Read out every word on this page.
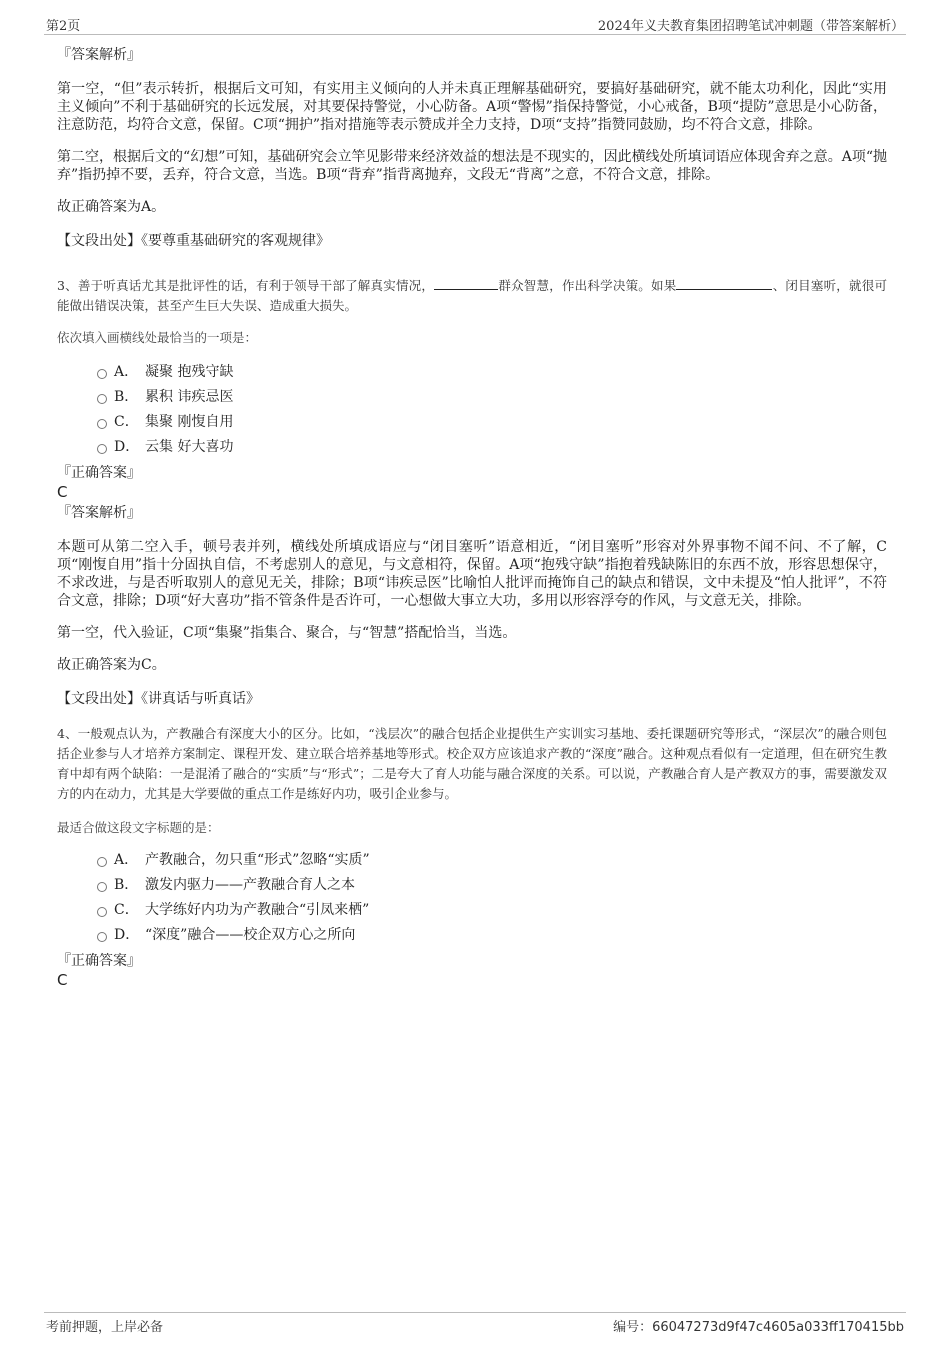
第2页	2024年义夫教育集团招聘笔试冲刺题（带答案解析）

『答案解析』

第一空，“但”表示转折，根据后文可知，有实用主义倾向的人并未真正理解基础研究，要搞好基础研究，就不能太功利化，因此“实用主义倾向”不利于基础研究的长远发展，对其要保持警觉，小心防备。A项“警惕”指保持警觉，小心戒备，B项“提防”意思是小心防备，注意防范，均符合文意，保留。C项“拥护”指对措施等表示赞成并全力支持，D项“支持”指赞同鼓励，均不符合文意，排除。

第二空，根据后文的“幻想”可知，基础研究会立竿见影带来经济效益的想法是不现实的，因此横线处所填词语应体现舍弃之意。A项“抛弃”指扔掉不要，丢弃，符合文意，当选。B项“背弃”指背离抛弃，文段无“背离”之意，不符合文意，排除。

故正确答案为A。

【文段出处】《要尊重基础研究的客观规律》

3、善于听真话尤其是批评性的话，有利于领导干部了解真实情况，	群众智慧，作出科学决策。如果	、闭目塞听，就很可能做出错误决策，甚至产生巨大失误、造成重大损失。

依次填入画横线处最恰当的一项是：

A． 凝聚 抱残守缺
B． 累积 讳疾忌医
C． 集聚 刚愎自用
D． 云集 好大喜功

『正确答案』

C

『答案解析』

本题可从第二空入手，顿号表并列，横线处所填成语应与“闭目塞听”语意相近，“闭目塞听”形容对外界事物不闻不问、不了解，C项“刚愎自用”指十分固执自信，不考虑别人的意见，与文意相符，保留。A项“抱残守缺”指抱着残缺陈旧的东西不放，形容思想保守，不求改进，与是否听取别人的意见无关，排除；B项“讳疾忌医”比喻怕人批评而掩饰自己的缺点和错误，文中未提及“怕人批评”，不符合文意，排除；D项“好大喜功”指不管条件是否许可，一心想做大事立大功，多用以形容浮夸的作风，与文意无关，排除。

第一空，代入验证，C项“集聚”指集合、聚合，与“智慧”搭配恰当，当选。

故正确答案为C。

【文段出处】《讲真话与听真话》

4、一般观点认为，产教融合有深度大小的区分。比如，“浅层次”的融合包括企业提供生产实训实习基地、委托课题研究等形式，“深层次”的融合则包括企业参与人才培养方案制定、课程开发、建立联合培养基地等形式。校企双方应该追求产教的“深度”融合。这种观点看似有一定道理，但在研究生教育中却有两个缺陷：一是混淆了融合的“实质”与“形式”；二是夸大了育人功能与融合深度的关系。可以说，产教融合育人是产教双方的事，需要激发双方的内在动力，尤其是大学要做的重点工作是练好内功，吸引企业参与。

最适合做这段文字标题的是：

A． 产教融合，勿只重“形式”忽略“实质”
B． 激发内驱力——产教融合育人之本
C． 大学练好内功为产教融合“引凤来栖”
D． “深度”融合——校企双方心之所向

『正确答案』

C

考前押题，上岸必备	编号：66047273d9f47c4605a033ff170415bb
